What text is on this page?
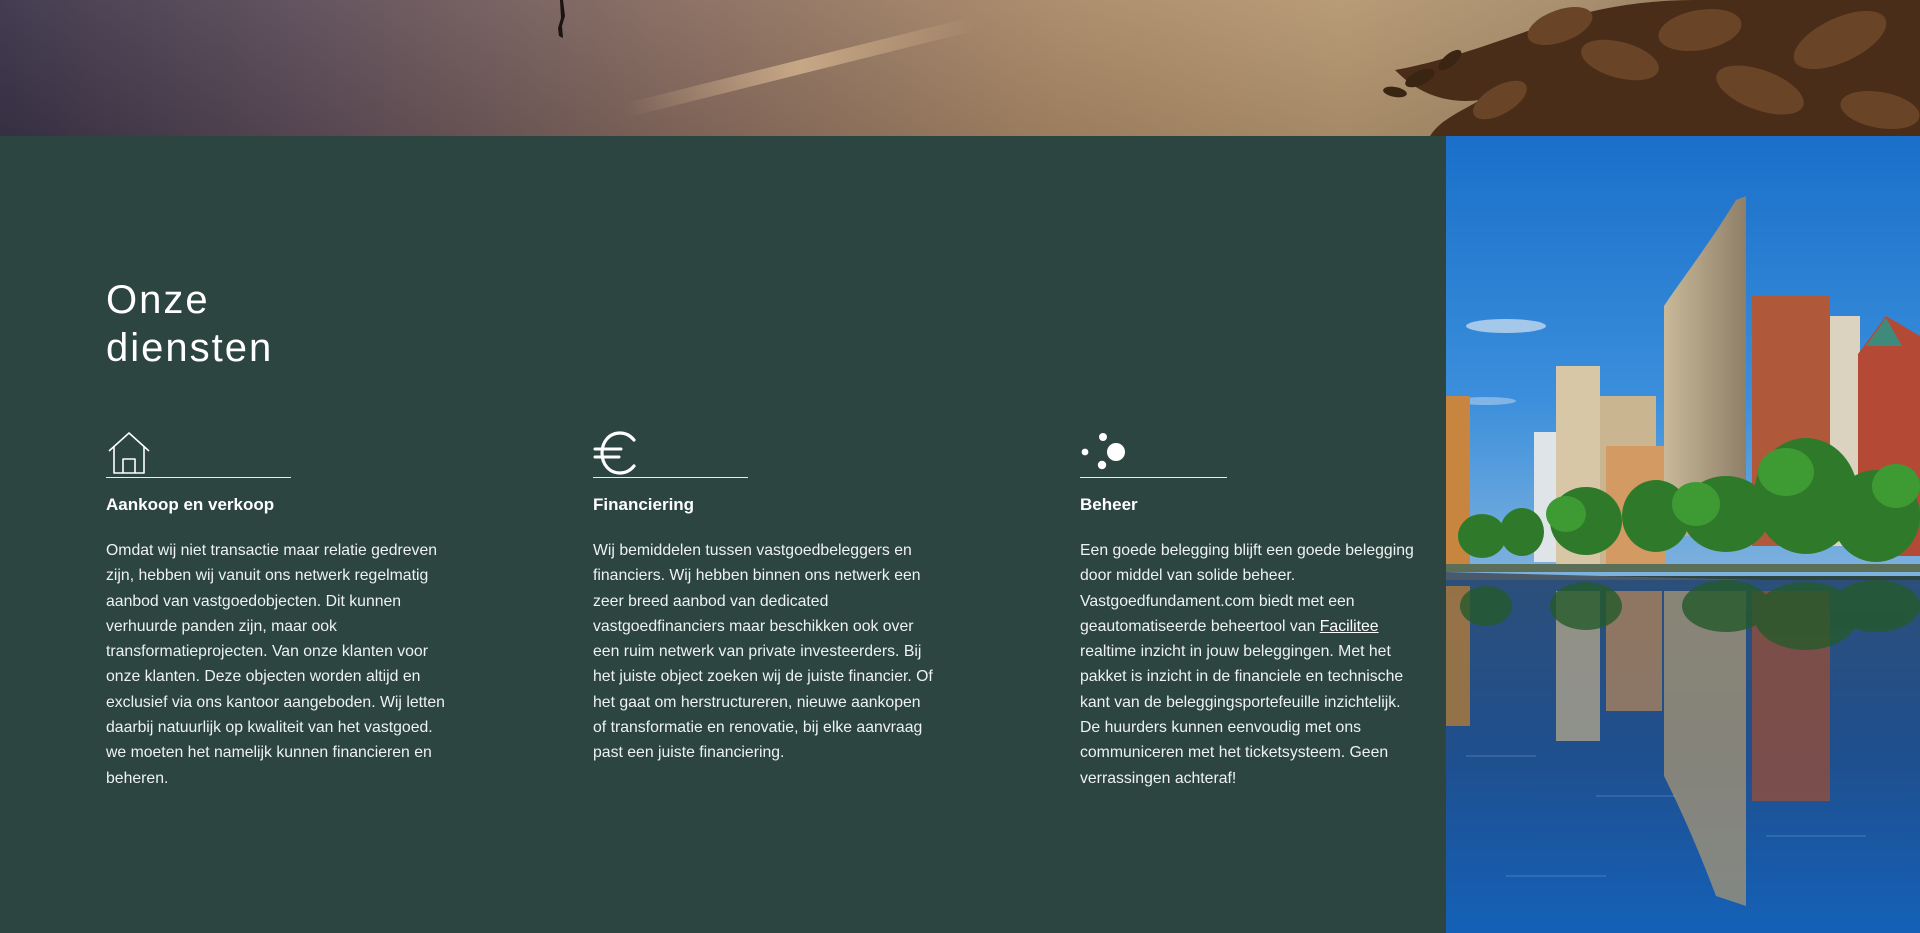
Onze
diensten
Aankoop en verkoop

Omdat wij niet transactie maar relatie gedreven zijn, hebben wij vanuit ons netwerk regelmatig aanbod van vastgoedobjecten. Dit kunnen verhuurde panden zijn, maar ook transformatieprojecten. Van onze klanten voor onze klanten. Deze objecten worden altijd en exclusief via ons kantoor aangeboden. Wij letten daarbij natuurlijk op kwaliteit van het vastgoed. we moeten het namelijk kunnen financieren en beheren.

Financiering

Wij bemiddelen tussen vastgoedbeleggers en financiers. Wij hebben binnen ons netwerk een zeer breed aanbod van dedicated vastgoedfinanciers maar beschikken ook over een ruim netwerk van private investeerders. Bij het juiste object zoeken wij de juiste financier. Of het gaat om herstructureren, nieuwe aankopen of transformatie en renovatie, bij elke aanvraag past een juiste financiering.

Beheer

Een goede belegging blijft een goede belegging door middel van solide beheer. Vastgoedfundament.com biedt met een geautomatiseerde beheertool van Facilitee realtime inzicht in jouw beleggingen. Met het pakket is inzicht in de financiele en technische kant van de beleggingsportefeuille inzichtelijk. De huurders kunnen eenvoudig met ons communiceren met het ticketsysteem. Geen verrassingen achteraf!
